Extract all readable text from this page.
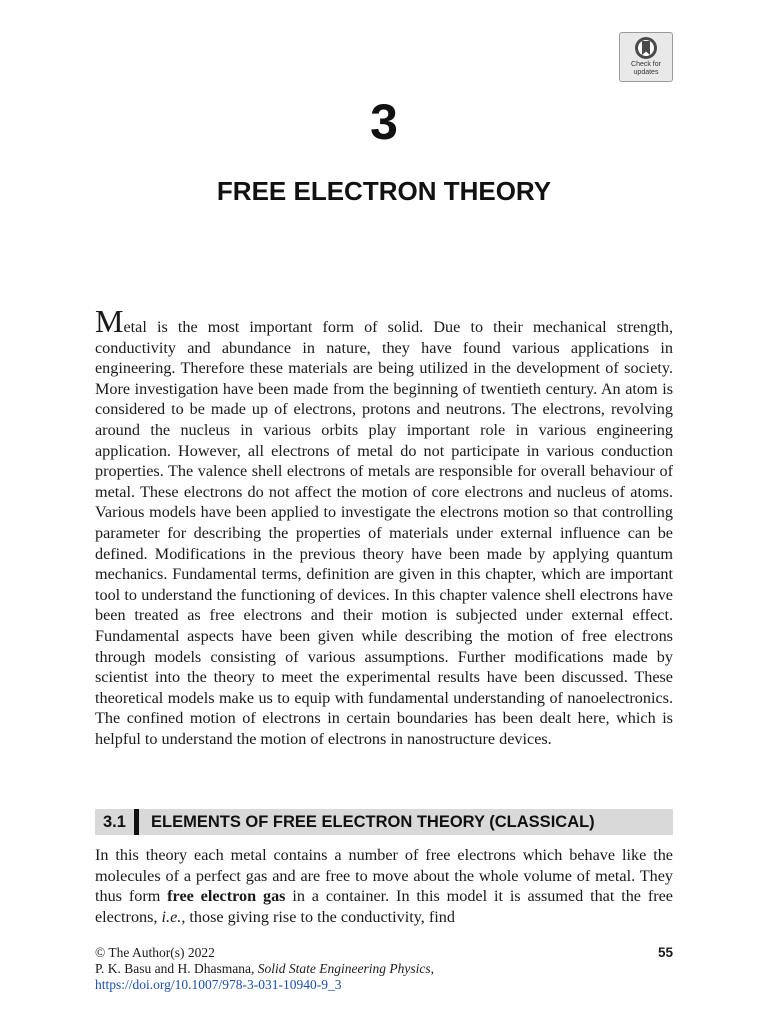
Check for updates
3
FREE ELECTRON THEORY
Metal is the most important form of solid. Due to their mechanical strength, conductivity and abundance in nature, they have found various applications in engineering. Therefore these materials are being utilized in the development of society. More investigation have been made from the beginning of twentieth century. An atom is considered to be made up of electrons, protons and neutrons. The electrons, revolving around the nucleus in various orbits play important role in various engineering application. However, all electrons of metal do not participate in various conduction properties. The valence shell electrons of metals are responsible for overall behaviour of metal. These electrons do not affect the motion of core electrons and nucleus of atoms. Various models have been applied to investigate the electrons motion so that controlling parameter for describing the properties of materials under external influence can be defined. Modifications in the previous theory have been made by applying quantum mechanics. Fundamental terms, definition are given in this chapter, which are important tool to understand the functioning of devices. In this chapter valence shell electrons have been treated as free electrons and their motion is subjected under external effect. Fundamental aspects have been given while describing the motion of free electrons through models consisting of various assumptions. Further modifications made by scientist into the theory to meet the experimental results have been discussed. These theoretical models make us to equip with fundamental understanding of nanoelectronics. The confined motion of electrons in certain boundaries has been dealt here, which is helpful to understand the motion of electrons in nanostructure devices.
3.1 ELEMENTS OF FREE ELECTRON THEORY (CLASSICAL)
In this theory each metal contains a number of free electrons which behave like the molecules of a perfect gas and are free to move about the whole volume of metal. They thus form free electron gas in a container. In this model it is assumed that the free electrons, i.e., those giving rise to the conductivity, find
© The Author(s) 2022
P. K. Basu and H. Dhasmana, Solid State Engineering Physics,
https://doi.org/10.1007/978-3-031-10940-9_3
55
